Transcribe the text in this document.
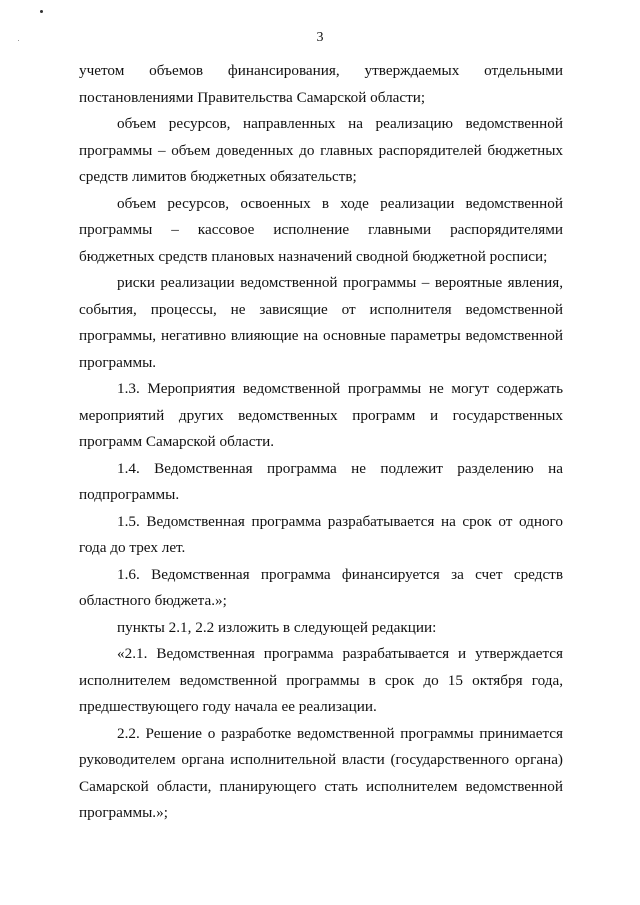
3

учетом объемов финансирования, утверждаемых отдельными постановлениями Правительства Самарской области;

объем ресурсов, направленных на реализацию ведомственной программы – объем доведенных до главных распорядителей бюджетных средств лимитов бюджетных обязательств;

объем ресурсов, освоенных в ходе реализации ведомственной программы – кассовое исполнение главными распорядителями бюджетных средств плановых назначений сводной бюджетной росписи;

риски реализации ведомственной программы – вероятные явления, события, процессы, не зависящие от исполнителя ведомственной программы, негативно влияющие на основные параметры ведомственной программы.

1.3. Мероприятия ведомственной программы не могут содержать мероприятий других ведомственных программ и государственных программ Самарской области.

1.4. Ведомственная программа не подлежит разделению на подпрограммы.

1.5. Ведомственная программа разрабатывается на срок от одного года до трех лет.

1.6. Ведомственная программа финансируется за счет средств областного бюджета.»;

пункты 2.1, 2.2 изложить в следующей редакции:

«2.1. Ведомственная программа разрабатывается и утверждается исполнителем ведомственной программы в срок до 15 октября года, предшествующего году начала ее реализации.

2.2. Решение о разработке ведомственной программы принимается руководителем органа исполнительной власти (государственного органа) Самарской области, планирующего стать исполнителем ведомственной программы.»;
